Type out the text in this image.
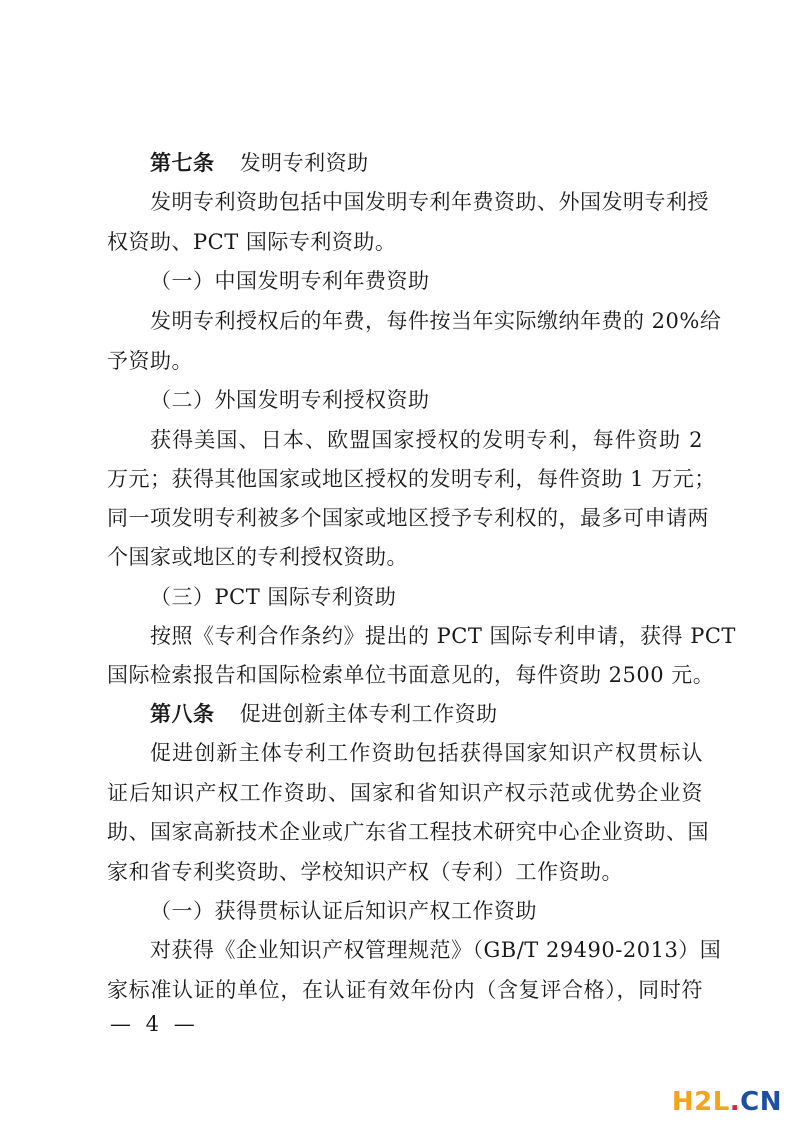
第七条 发明专利资助
发明专利资助包括中国发明专利年费资助、外国发明专利授
权资助、PCT 国际专利资助。
（一）中国发明专利年费资助
发明专利授权后的年费，每件按当年实际缴纳年费的 20%给
予资助。
（二）外国发明专利授权资助
获得美国、日本、欧盟国家授权的发明专利，每件资助 2
万元；获得其他国家或地区授权的发明专利，每件资助 1 万元；
同一项发明专利被多个国家或地区授予专利权的，最多可申请两
个国家或地区的专利授权资助。
（三）PCT 国际专利资助
按照《专利合作条约》提出的 PCT 国际专利申请，获得 PCT
国际检索报告和国际检索单位书面意见的，每件资助 2500 元。
第八条 促进创新主体专利工作资助
促进创新主体专利工作资助包括获得国家知识产权贯标认
证后知识产权工作资助、国家和省知识产权示范或优势企业资
助、国家高新技术企业或广东省工程技术研究中心企业资助、国
家和省专利奖资助、学校知识产权（专利）工作资助。
（一）获得贯标认证后知识产权工作资助
对获得《企业知识产权管理规范》（GB/T 29490-2013）国
家标准认证的单位，在认证有效年份内（含复评合格），同时符
— 4 —
H2L.CN
